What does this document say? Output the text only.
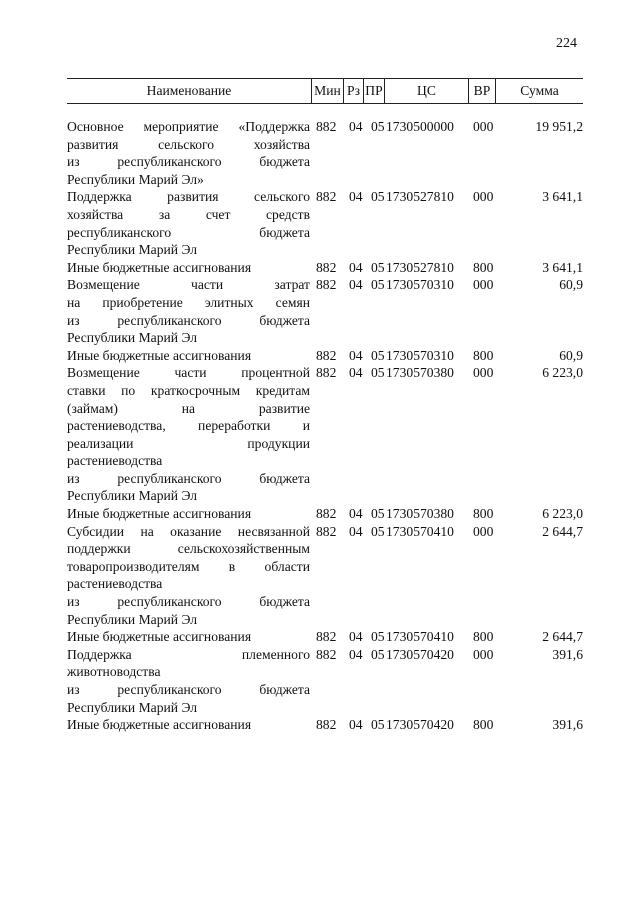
224
Наименование	Мин Рз ПР	ЦС	ВР	Сумма
Основное мероприятие «Поддержка
развития сельского хозяйства
из республиканского бюджета
Республики Марий Эл»
882 04 05 1730500000 000	19 951,2
Поддержка развития сельского
хозяйства за счет средств
республиканского бюджета
Республики Марий Эл
882 04 05 1730527810 000	3 641,1
Иные бюджетные ассигнования	882 04 05 1730527810 800	3 641,1
Возмещение части затрат
на приобретение элитных семян
из республиканского бюджета
Республики Марий Эл
882 04 05 1730570310 000	60,9
Иные бюджетные ассигнования	882 04 05 1730570310 800	60,9
Возмещение части процентной
ставки по краткосрочным кредитам
(займам) на развитие
растениеводства, переработки и
реализации продукции
растениеводства
из республиканского бюджета
Республики Марий Эл
882 04 05 1730570380 000	6 223,0
Иные бюджетные ассигнования	882 04 05 1730570380 800	6 223,0
Субсидии на оказание несвязанной
поддержки сельскохозяйственным
товаропроизводителям в области
растениеводства
из республиканского бюджета
Республики Марий Эл
882 04 05 1730570410 000	2 644,7
Иные бюджетные ассигнования	882 04 05 1730570410 800	2 644,7
Поддержка племенного
животноводства
из республиканского бюджета
Республики Марий Эл
882 04 05 1730570420 000	391,6
Иные бюджетные ассигнования	882 04 05 1730570420 800	391,6
